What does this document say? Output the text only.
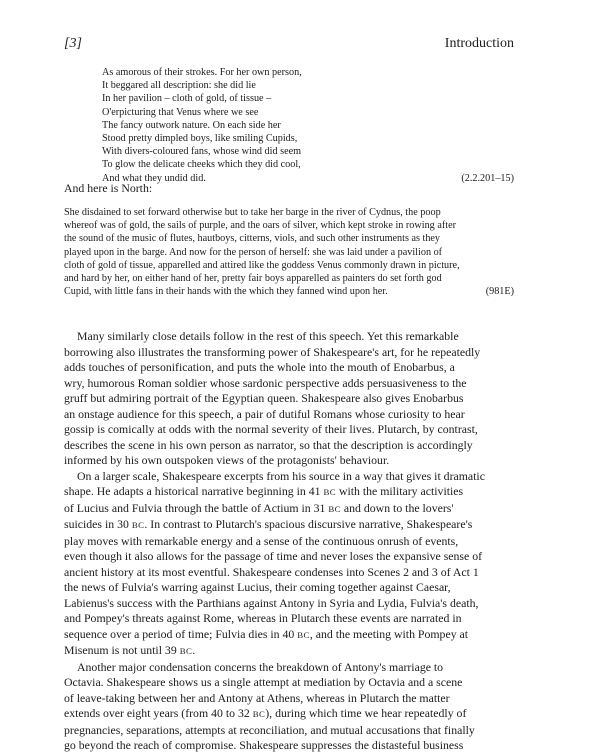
[3]	Introduction
As amorous of their strokes. For her own person,
It beggared all description: she did lie
In her pavilion – cloth of gold, of tissue –
O'erpicturing that Venus where we see
The fancy outwork nature. On each side her
Stood pretty dimpled boys, like smiling Cupids,
With divers-coloured fans, whose wind did seem
To glow the delicate cheeks which they did cool,
And what they undid did.	(2.2.201–15)
And here is North:
She disdained to set forward otherwise but to take her barge in the river of Cydnus, the poop
whereof was of gold, the sails of purple, and the oars of silver, which kept stroke in rowing after
the sound of the music of flutes, hautboys, citterns, viols, and such other instruments as they
played upon in the barge. And now for the person of herself: she was laid under a pavilion of
cloth of gold of tissue, apparelled and attired like the goddess Venus commonly drawn in picture,
and hard by her, on either hand of her, pretty fair boys apparelled as painters do set forth god
Cupid, with little fans in their hands with the which they fanned wind upon her.	(981E)
Many similarly close details follow in the rest of this speech. Yet this remarkable
borrowing also illustrates the transforming power of Shakespeare's art, for he repeatedly
adds touches of personification, and puts the whole into the mouth of Enobarbus, a
wry, humorous Roman soldier whose sardonic perspective adds persuasiveness to the
gruff but admiring portrait of the Egyptian queen. Shakespeare also gives Enobarbus
an onstage audience for this speech, a pair of dutiful Romans whose curiosity to hear
gossip is comically at odds with the normal severity of their lives. Plutarch, by contrast,
describes the scene in his own person as narrator, so that the description is accordingly
informed by his own outspoken views of the protagonists' behaviour.
On a larger scale, Shakespeare excerpts from his source in a way that gives it dramatic
shape. He adapts a historical narrative beginning in 41 BC with the military activities
of Lucius and Fulvia through the battle of Actium in 31 BC and down to the lovers'
suicides in 30 BC. In contrast to Plutarch's spacious discursive narrative, Shakespeare's
play moves with remarkable energy and a sense of the continuous onrush of events,
even though it also allows for the passage of time and never loses the expansive sense of
ancient history at its most eventful. Shakespeare condenses into Scenes 2 and 3 of Act 1
the news of Fulvia's warring against Lucius, their coming together against Caesar,
Labienus's success with the Parthians against Antony in Syria and Lydia, Fulvia's death,
and Pompey's threats against Rome, whereas in Plutarch these events are narrated in
sequence over a period of time; Fulvia dies in 40 BC, and the meeting with Pompey at
Misenum is not until 39 BC.
Another major condensation concerns the breakdown of Antony's marriage to
Octavia. Shakespeare shows us a single attempt at mediation by Octavia and a scene
of leave-taking between her and Antony at Athens, whereas in Plutarch the matter
extends over eight years (from 40 to 32 BC), during which time we hear repeatedly of
pregnancies, separations, attempts at reconciliation, and mutual accusations that finally
go beyond the reach of compromise. Shakespeare suppresses the distasteful business
